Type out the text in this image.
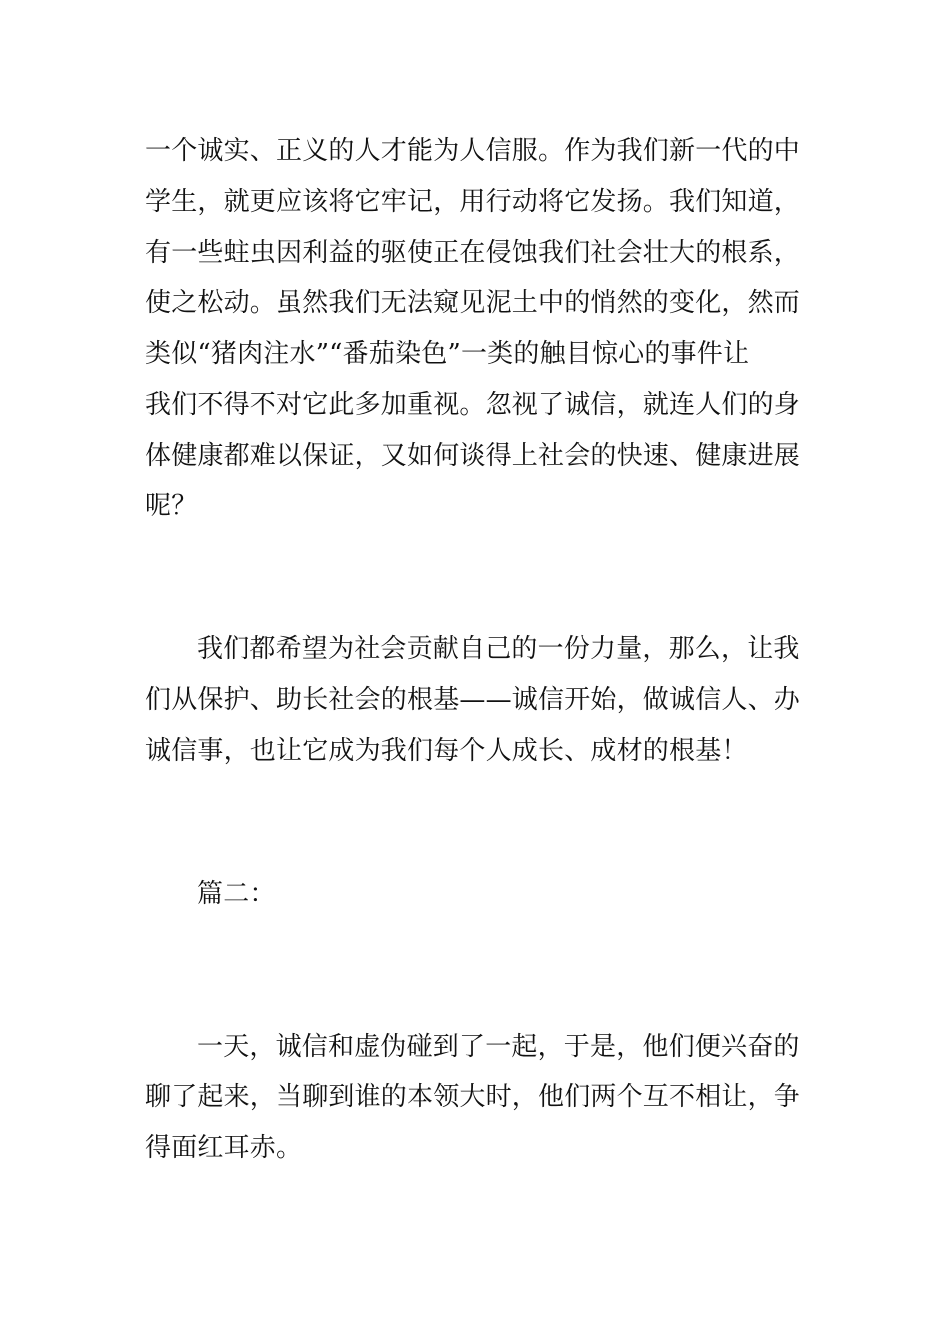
一个诚实、正义的人才能为人信服。作为我们新一代的中
学生，就更应该将它牢记，用行动将它发扬。我们知道，
有一些蛀虫因利益的驱使正在侵蚀我们社会壮大的根系，
使之松动。虽然我们无法窥见泥土中的悄然的变化，然而
类似“猪肉注水”“番茄染色”一类的触目惊心的事件让
我们不得不对它此多加重视。忽视了诚信，就连人们的身
体健康都难以保证，又如何谈得上社会的快速、健康进展
呢？
我们都希望为社会贡献自己的一份力量，那么，让我
们从保护、助长社会的根基——诚信开始，做诚信人、办
诚信事，也让它成为我们每个人成长、成材的根基！
篇二：
一天，诚信和虚伪碰到了一起，于是，他们便兴奋的
聊了起来，当聊到谁的本领大时，他们两个互不相让，争
得面红耳赤。
